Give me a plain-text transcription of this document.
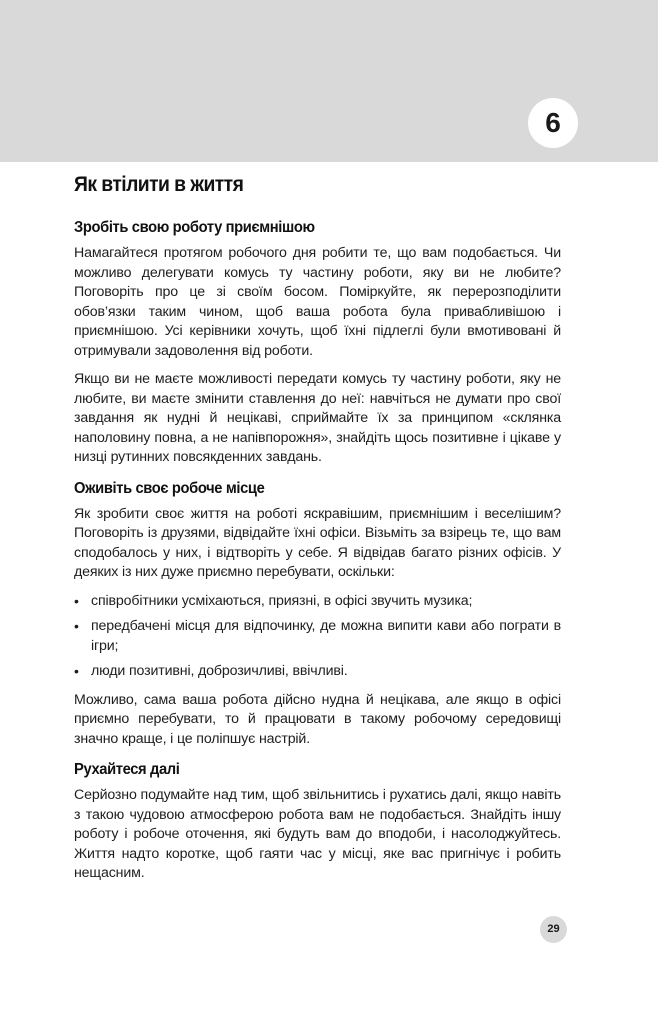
6
Як втілити в життя
Зробіть свою роботу приємнішою

Намагайтеся протягом робочого дня робити те, що вам подобається. Чи можливо делегувати комусь ту частину роботи, яку ви не любите? Поговоріть про це зі своїм босом. Поміркуйте, як перерозподілити обов’язки таким чином, щоб ваша робота була привабливішою і приємнішою. Усі керівники хочуть, щоб їхні підлеглі були вмотивовані й отримували задоволення від роботи.

Якщо ви не маєте можливості передати комусь ту частину роботи, яку не любите, ви маєте змінити ставлення до неї: навчіться не думати про свої завдання як нудні й нецікаві, сприймайте їх за принципом «склянка наполовину повна, а не напівпорожня», знайдіть щось позитивне і цікаве у низці рутинних повсякденних завдань.

Оживіть своє робоче місце

Як зробити своє життя на роботі яскравішим, приємнішим і веселішим? Поговоріть із друзями, відвідайте їхні офіси. Візьміть за взірець те, що вам сподобалось у них, і відтворіть у себе. Я відвідав багато різних офісів. У деяких із них дуже приємно перебувати, оскільки:

• співробітники усміхаються, приязні, в офісі звучить музика;
• передбачені місця для відпочинку, де можна випити кави або пограти в ігри;
• люди позитивні, доброзичливі, ввічливі.

Можливо, сама ваша робота дійсно нудна й нецікава, але якщо в офісі приємно перебувати, то й працювати в такому робочому середовищі значно краще, і це поліпшує настрій.

Рухайтеся далі

Серйозно подумайте над тим, щоб звільнитись і рухатись далі, якщо навіть з такою чудовою атмосферою робота вам не подобається. Знайдіть іншу роботу і робоче оточення, які будуть вам до вподоби, і насолоджуйтесь. Життя надто коротке, щоб гаяти час у місці, яке вас пригнічує і робить нещасним.

29
